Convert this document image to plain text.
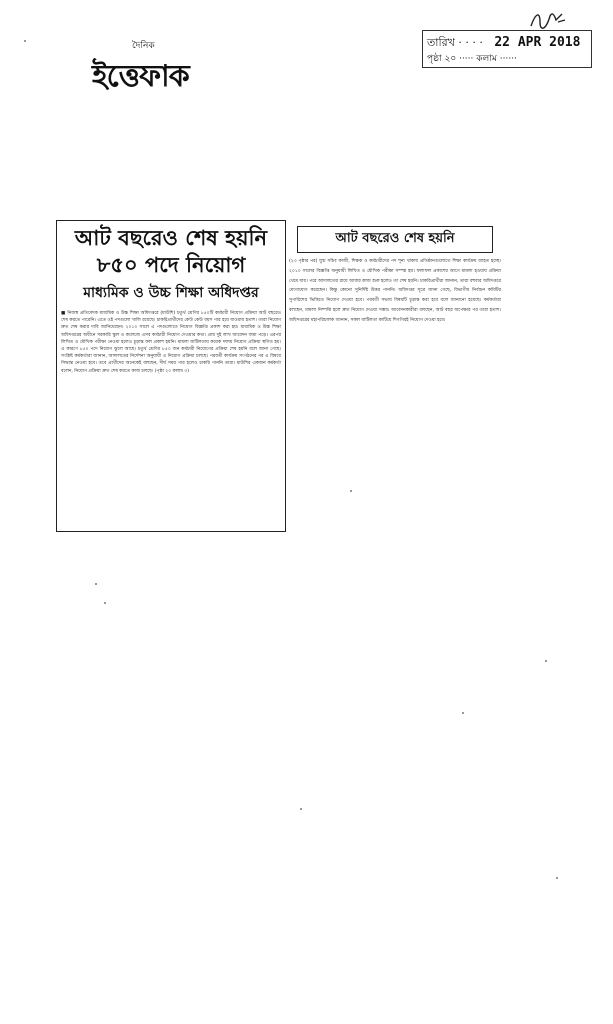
দৈনিক
ইত্তেফাক
তারিখ · · · · 22 APR 2018
পৃষ্ঠা ২০ ····· কলাম ······
আট বছরেও শেষ হয়নি
৮৫০ পদে নিয়োগ
মাধ্যমিক ও উচ্চ শিক্ষা অধিদপ্তর
■ নিজস্ব প্রতিবেদক মাধ্যমিক ও উচ্চ শিক্ষা অধিদপ্তরে (মাউশি) চতুর্থ শ্রেণির ৮৫০টি কর্মচারী নিয়োগ প্রক্রিয়া আট বছরেও শেষ করতে পারেনি। এতে ওই পদগুলো খালি রয়েছে। চাকরিপ্রার্থীদের কেউ কেউ বয়স পার হয়ে যাওয়ায় হতাশ। তারা নিয়োগ দ্রুত শেষ করার দাবি জানিয়েছেন। ২০১০ সালে এ পদগুলোতে নিয়োগ বিজ্ঞপ্তি প্রকাশ করা হয়। মাধ্যমিক ও উচ্চ শিক্ষা অধিদপ্তরের অধীনে সরকারি স্কুল ও কলেজে এসব কর্মচারী নিয়োগ দেওয়ার কথা। প্রায় দুই লাখ আবেদন জমা পড়ে। এরপর লিখিত ও মৌখিক পরীক্ষা নেওয়া হলেও চূড়ান্ত ফল প্রকাশ হয়নি। মামলা জটিলতায় কয়েক দফায় নিয়োগ প্রক্রিয়া স্থগিত হয়। এ কারণে ৮৫০ পদে নিয়োগ ঝুলে আছে। চতুর্থ শ্রেণির ৮৫০ জন কর্মচারী নিয়োগের প্রক্রিয়া শেষ হয়নি বলে জানা গেছে। সংশ্লিষ্ট কর্মকর্তারা জানান, আদালতের নির্দেশনা অনুযায়ী এ নিয়োগ প্রক্রিয়া চলছে। পরবর্তী কার্যক্রম সংগঠনের পর এ বিষয়ে সিদ্ধান্ত নেওয়া হবে। তবে প্রার্থীদের অনেকেই বলছেন, দীর্ঘ সময় পার হলেও চাকরি পাননি তারা। মাউশির একজন কর্মকর্তা বলেন, নিয়োগ প্রক্রিয়া দ্রুত শেষ করতে কাজ চলছে। (পৃষ্ঠা ২০ কলাম ৩)
আট বছরেও শেষ হয়নি
(২৩ পৃষ্ঠার পর) যুগ্ম সচিব কাজী, শিক্ষক ও কর্মচারীদের পদ শূন্য থাকায় প্রতিষ্ঠানগুলোতে শিক্ষা কার্যক্রম ব্যাহত হচ্ছে। ২০১০ সালের বিজ্ঞপ্তি অনুযায়ী লিখিত ও মৌখিক পরীক্ষা সম্পন্ন হয়। ফলাফল প্রকাশের আগে মামলা হওয়ায় প্রক্রিয়া থেমে যায়। পরে আদালতের রায়ে আবার কাজ শুরু হলেও তা শেষ হয়নি। চাকরিপ্রার্থীরা জানান, তারা বহুবার অধিদপ্তরে যোগাযোগ করেছেন। কিন্তু কোনো সুনির্দিষ্ট উত্তর পাননি। অধিদপ্তর সূত্রে জানা গেছে, বিভাগীয় নির্বাচন কমিটির সুপারিশের ভিত্তিতে নিয়োগ দেওয়া হবে। পরবর্তী সভায় বিষয়টি চূড়ান্ত করা হবে বলে জানানো হয়েছে। কর্মকর্তারা বলছেন, মামলা নিষ্পত্তি হলে দ্রুত নিয়োগ দেওয়া সম্ভব। আবেদনকারীরা বলছেন, আট বছর অপেক্ষার পর তারা হতাশ। অধিদপ্তরের মহাপরিচালক জানান, সকল জটিলতা কাটিয়ে শিগগিরই নিয়োগ দেওয়া হবে।
